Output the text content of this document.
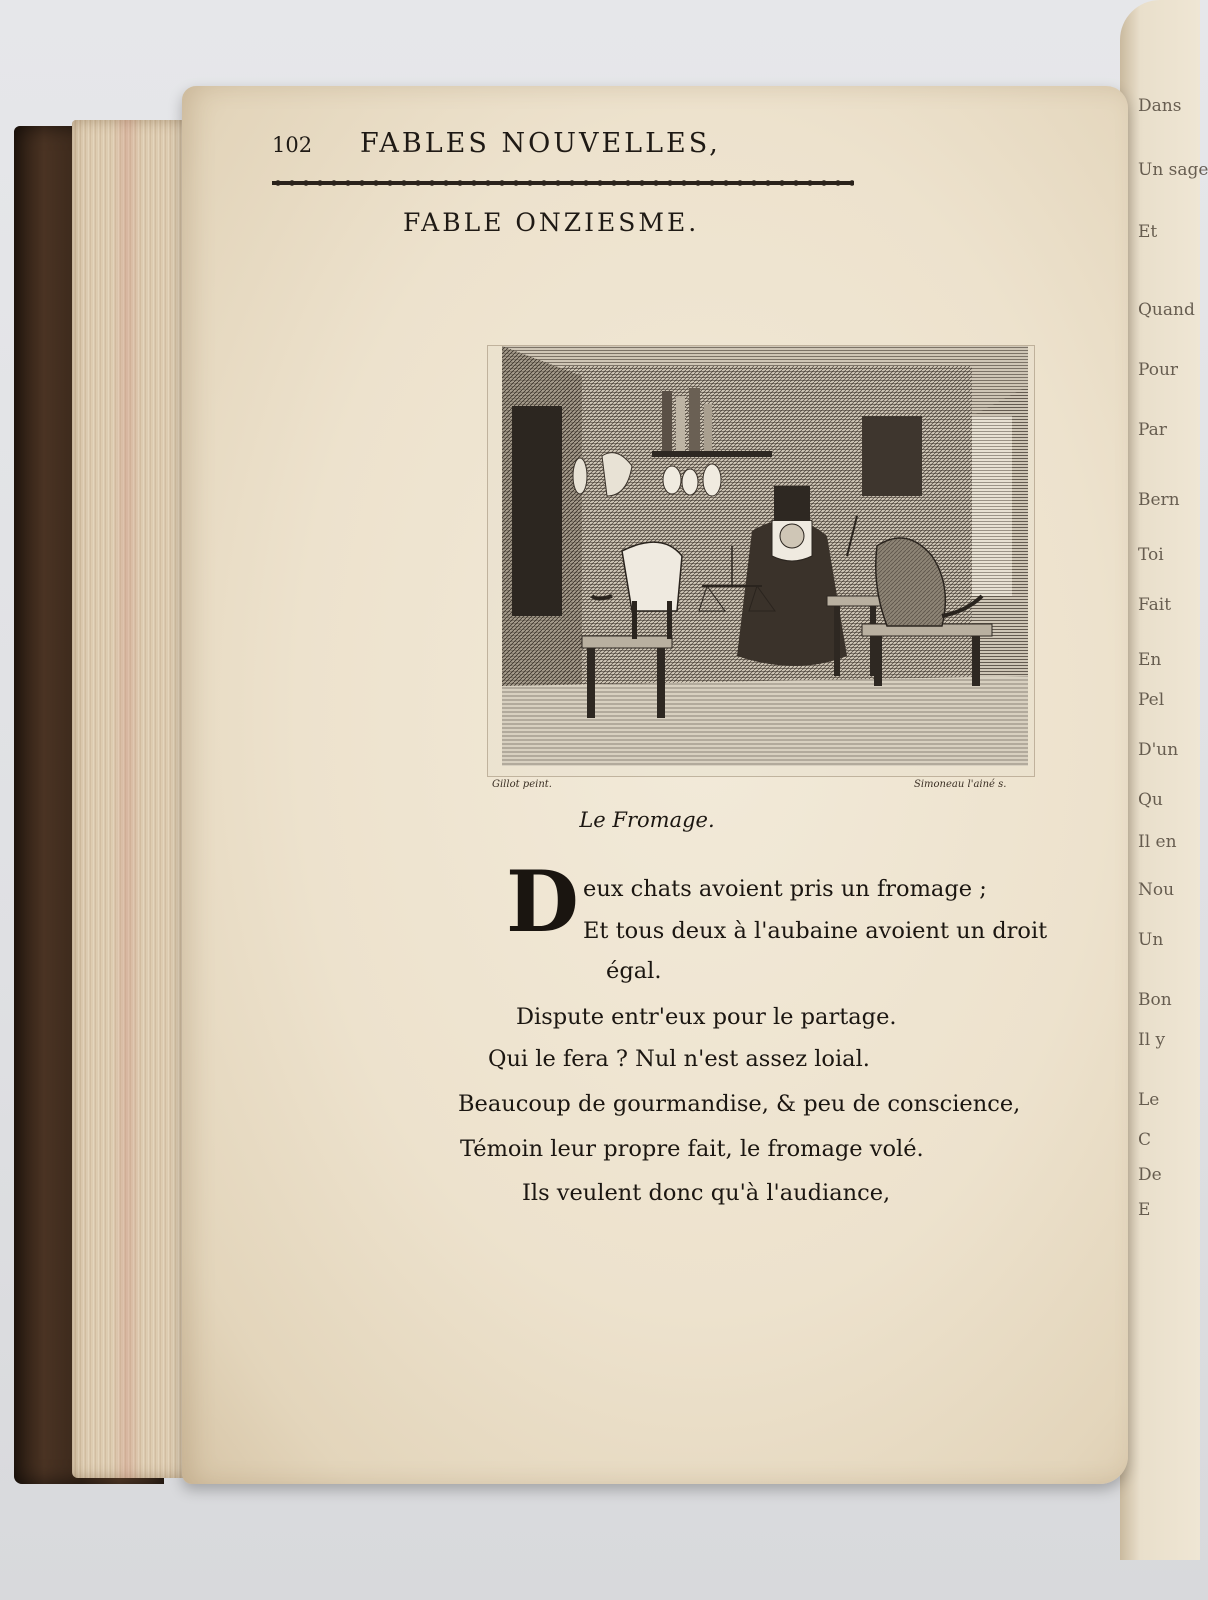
Dans
Un sage
Et
Quand
Pour
Par
Bern
Toi
Fait
En
Pel
D'un
Qu
Il en
Nou
Un
Bon
Il y
Le
C
De
E
102	FABLES NOUVELLES,
FABLE ONZIESME.
Gillot peint.	Simoneau l'ainé s.
Le Fromage.
D eux chats avoient pris un fromage ;
Et tous deux à l'aubaine avoient un droit
égal.
Dispute entr'eux pour le partage.
Qui le fera ? Nul n'est assez loial.
Beaucoup de gourmandise, & peu de conscience,
Témoin leur propre fait, le fromage volé.
Ils veulent donc qu'à l'audiance,
